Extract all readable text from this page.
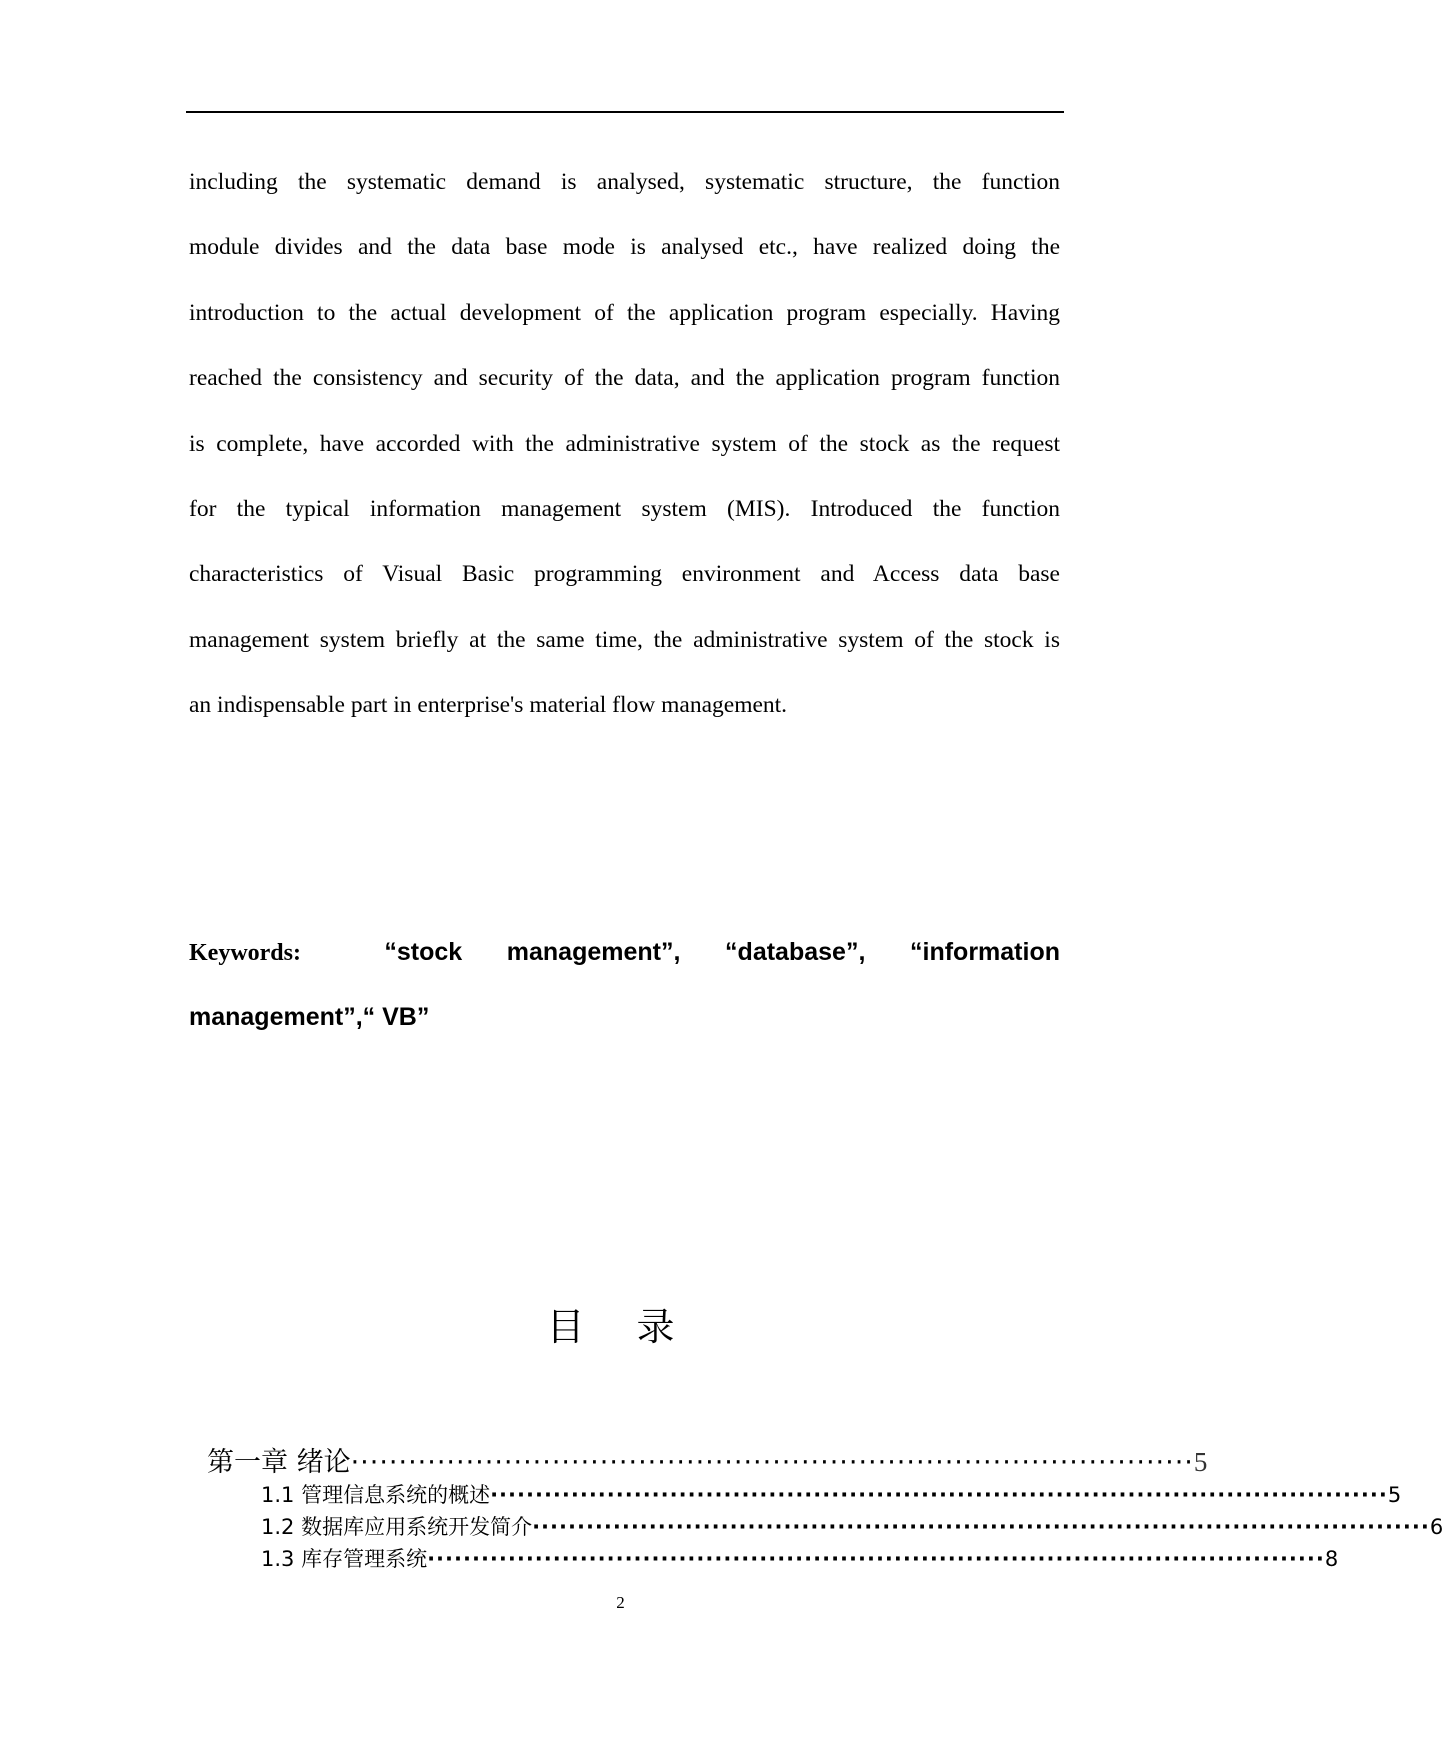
including the systematic demand is analysed, systematic structure, the function
module divides and the data base mode is analysed etc., have realized doing the
introduction to the actual development of the application program especially. Having
reached the consistency and security of the data, and the application program function
is complete, have accorded with the administrative system of the stock as the request
for the typical information management system (MIS). Introduced the function
characteristics of Visual Basic programming environment and Access data base
management system briefly at the same time, the administrative system of the stock is
an indispensable part in enterprise's material flow management.
Keywords:	“stock management”, “database”, “information
management”,“ VB”
目 录
第一章 绪论 ························································································ 5
1.1 管理信息系统的概述 ···································································································· 5
1.2 数据库应用系统开发简介 ···································································································· 6
1.3 库存管理系统 ···································································································· 8
2
